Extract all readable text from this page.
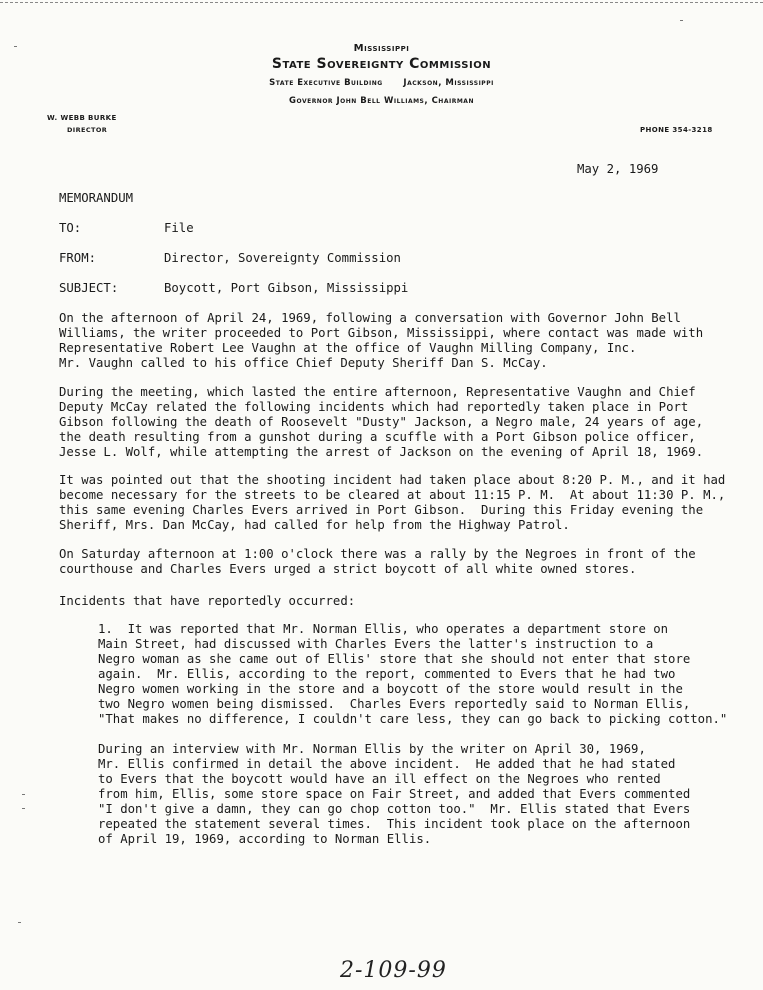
Mississippi
State Sovereignty Commission
State Executive Building      Jackson, Mississippi
Governor John Bell Williams, Chairman
W. WEBB BURKE
DIRECTOR	PHONE 354-3218
May 2, 1969
MEMORANDUM
TO:	File
FROM:	Director, Sovereignty Commission
SUBJECT:	Boycott, Port Gibson, Mississippi
On the afternoon of April 24, 1969, following a conversation with Governor John Bell
Williams, the writer proceeded to Port Gibson, Mississippi, where contact was made with
Representative Robert Lee Vaughn at the office of Vaughn Milling Company, Inc.
Mr. Vaughn called to his office Chief Deputy Sheriff Dan S. McCay.
During the meeting, which lasted the entire afternoon, Representative Vaughn and Chief
Deputy McCay related the following incidents which had reportedly taken place in Port
Gibson following the death of Roosevelt "Dusty" Jackson, a Negro male, 24 years of age,
the death resulting from a gunshot during a scuffle with a Port Gibson police officer,
Jesse L. Wolf, while attempting the arrest of Jackson on the evening of April 18, 1969.
It was pointed out that the shooting incident had taken place about 8:20 P. M., and it had
become necessary for the streets to be cleared at about 11:15 P. M.  At about 11:30 P. M.,
this same evening Charles Evers arrived in Port Gibson.  During this Friday evening the
Sheriff, Mrs. Dan McCay, had called for help from the Highway Patrol.
On Saturday afternoon at 1:00 o'clock there was a rally by the Negroes in front of the
courthouse and Charles Evers urged a strict boycott of all white owned stores.
Incidents that have reportedly occurred:
1.  It was reported that Mr. Norman Ellis, who operates a department store on
Main Street, had discussed with Charles Evers the latter's instruction to a
Negro woman as she came out of Ellis' store that she should not enter that store
again.  Mr. Ellis, according to the report, commented to Evers that he had two
Negro women working in the store and a boycott of the store would result in the
two Negro women being dismissed.  Charles Evers reportedly said to Norman Ellis,
"That makes no difference, I couldn't care less, they can go back to picking cotton."
During an interview with Mr. Norman Ellis by the writer on April 30, 1969,
Mr. Ellis confirmed in detail the above incident.  He added that he had stated
to Evers that the boycott would have an ill effect on the Negroes who rented
from him, Ellis, some store space on Fair Street, and added that Evers commented
"I don't give a damn, they can go chop cotton too."  Mr. Ellis stated that Evers
repeated the statement several times.  This incident took place on the afternoon
of April 19, 1969, according to Norman Ellis.
2-109-99
